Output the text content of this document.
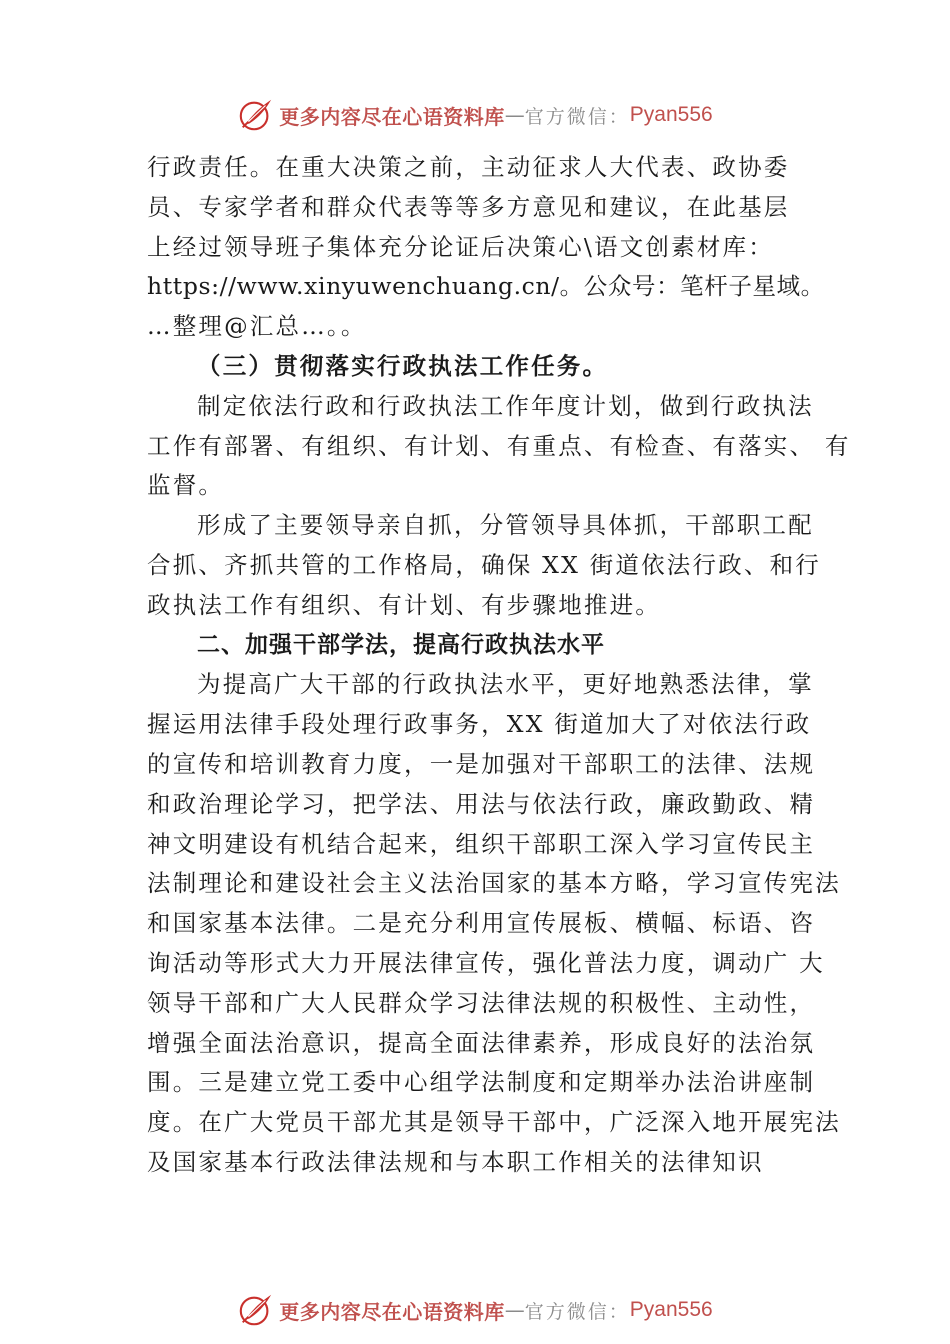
更多内容尽在心语资料库 — 官方微信： Pyan556
行政责任。在重大决策之前，主动征求人大代表、政协委
员、专家学者和群众代表等等多方意见和建议，在此基层
上经过领导班子集体充分论证后决策心\语文创素材库：
https://www.xinyuwenchuang.cn/。公众号：笔杆子星域。
…整理@汇总…。。
（三）贯彻落实行政执法工作任务。
制定依法行政和行政执法工作年度计划，做到行政执法
工作有部署、有组织、有计划、有重点、有检查、有落实、 有
监督。
形成了主要领导亲自抓，分管领导具体抓，干部职工配
合抓、齐抓共管的工作格局，确保 XX 街道依法行政、和行
政执法工作有组织、有计划、有步骤地推进。
二、加强干部学法，提高行政执法水平
为提高广大干部的行政执法水平，更好地熟悉法律，掌
握运用法律手段处理行政事务，XX 街道加大了对依法行政
的宣传和培训教育力度，一是加强对干部职工的法律、法规
和政治理论学习，把学法、用法与依法行政，廉政勤政、精
神文明建设有机结合起来，组织干部职工深入学习宣传民主
法制理论和建设社会主义法治国家的基本方略，学习宣传宪法
和国家基本法律。二是充分利用宣传展板、横幅、标语、咨
询活动等形式大力开展法律宣传，强化普法力度，调动广 大
领导干部和广大人民群众学习法律法规的积极性、主动性，
增强全面法治意识，提高全面法律素养，形成良好的法治氛
围。三是建立党工委中心组学法制度和定期举办法治讲座制
度。在广大党员干部尤其是领导干部中，广泛深入地开展宪法
及国家基本行政法律法规和与本职工作相关的法律知识
更多内容尽在心语资料库 — 官方微信： Pyan556
